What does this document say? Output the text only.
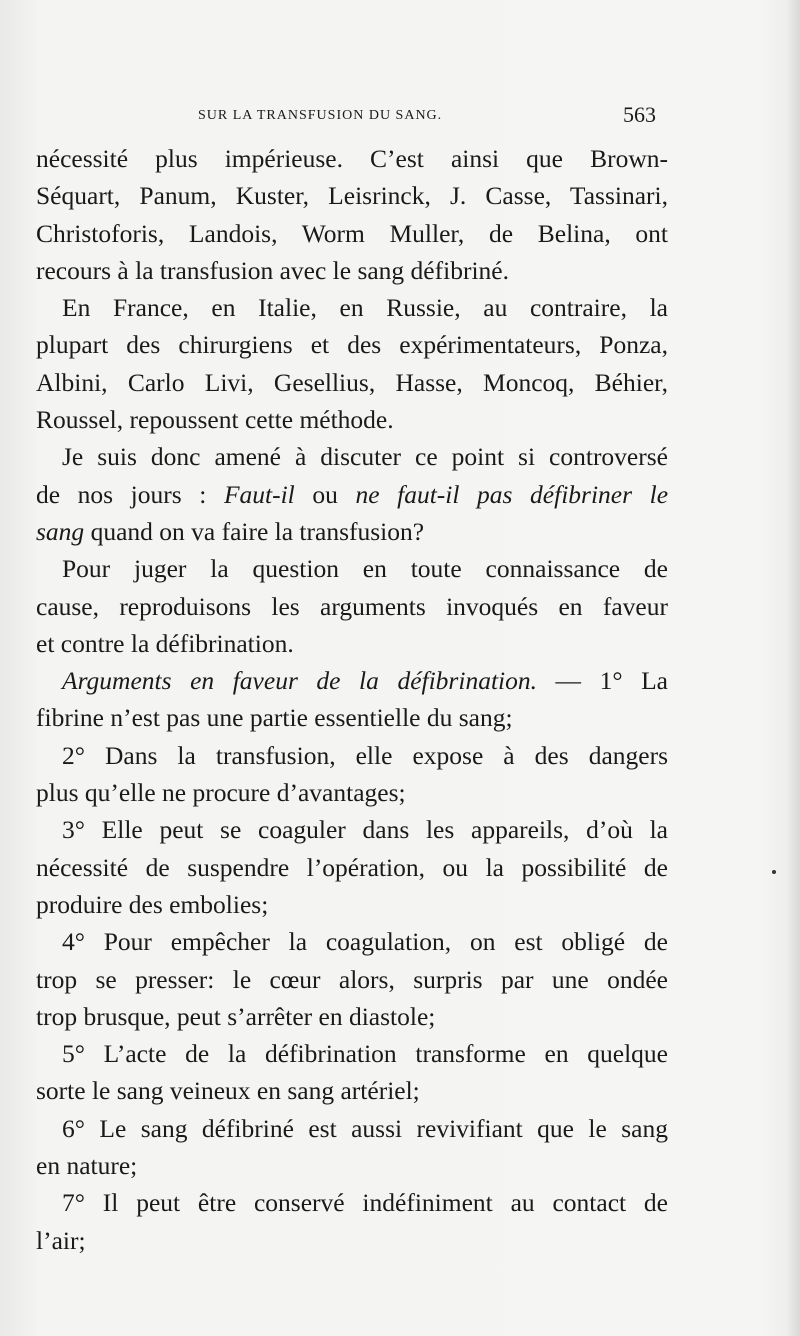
SUR LA TRANSFUSION DU SANG.	563
nécessité plus impérieuse. C’est ainsi que Brown-
Séquart, Panum, Kuster, Leisrinck, J. Casse, Tassinari,
Christoforis, Landois, Worm Muller, de Belina, ont
recours à la transfusion avec le sang défibriné.
En France, en Italie, en Russie, au contraire, la
plupart des chirurgiens et des expérimentateurs, Ponza,
Albini, Carlo Livi, Gesellius, Hasse, Moncoq, Béhier,
Roussel, repoussent cette méthode.
Je suis donc amené à discuter ce point si controversé
de nos jours : Faut-il ou ne faut-il pas défibriner le
sang quand on va faire la transfusion?
Pour juger la question en toute connaissance de
cause, reproduisons les arguments invoqués en faveur
et contre la défibrination.
Arguments en faveur de la défibrination. — 1° La
fibrine n’est pas une partie essentielle du sang;
2° Dans la transfusion, elle expose à des dangers
plus qu’elle ne procure d’avantages;
3° Elle peut se coaguler dans les appareils, d’où la
nécessité de suspendre l’opération, ou la possibilité de
produire des embolies;
4° Pour empêcher la coagulation, on est obligé de
trop se presser: le cœur alors, surpris par une ondée
trop brusque, peut s’arrêter en diastole;
5° L’acte de la défibrination transforme en quelque
sorte le sang veineux en sang artériel;
6° Le sang défibriné est aussi revivifiant que le sang
en nature;
7° Il peut être conservé indéfiniment au contact de
l’air;
